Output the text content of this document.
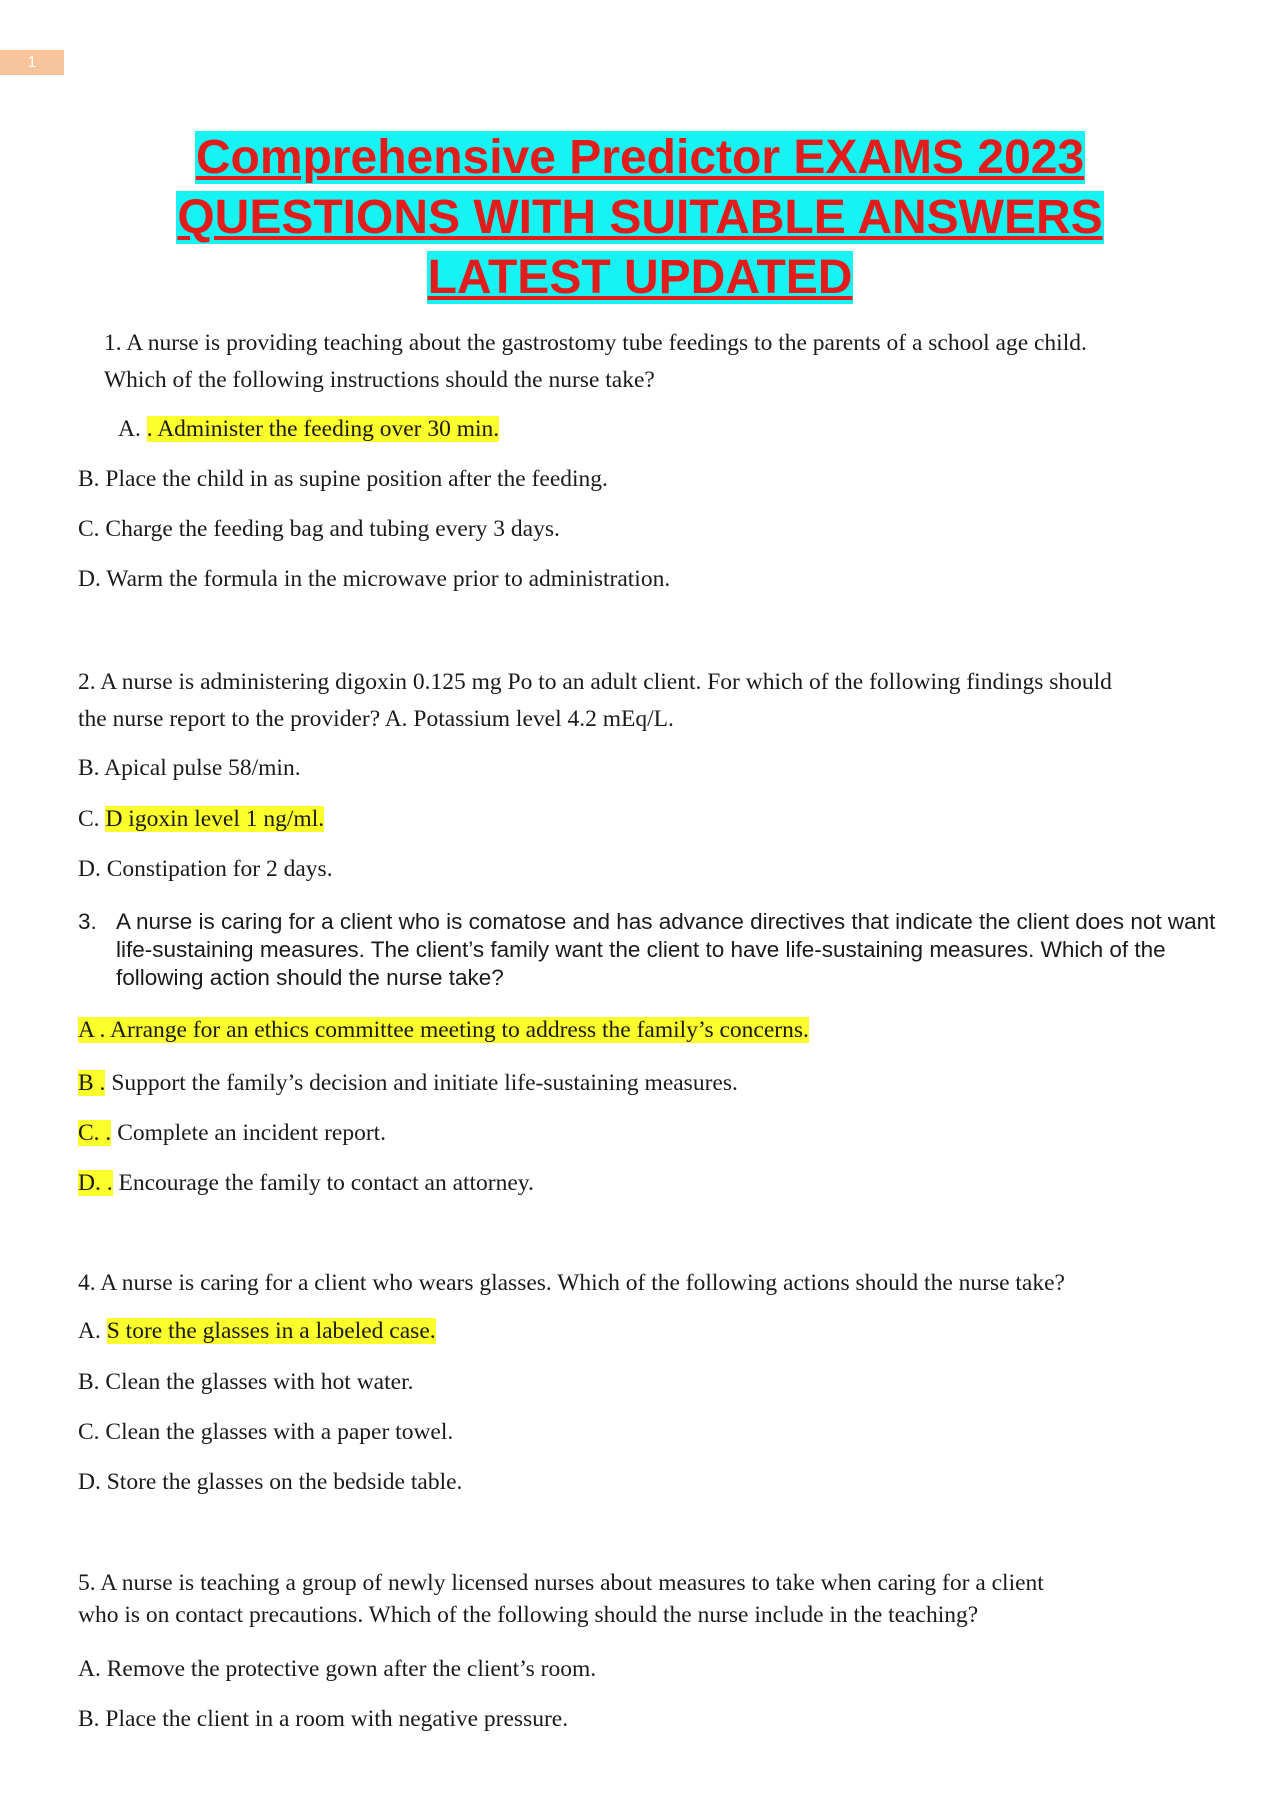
1
Comprehensive Predictor EXAMS 2023
QUESTIONS WITH SUITABLE ANSWERS
LATEST UPDATED
1. A nurse is providing teaching about the gastrostomy tube feedings to the parents of a school age child.
Which of the following instructions should the nurse take?
A. . Administer the feeding over 30 min.
B. Place the child in as supine position after the feeding.
C. Charge the feeding bag and tubing every 3 days.
D. Warm the formula in the microwave prior to administration.
2. A nurse is administering digoxin 0.125 mg Po to an adult client. For which of the following findings should
the nurse report to the provider? A. Potassium level 4.2 mEq/L.
B. Apical pulse 58/min.
C. D igoxin level 1 ng/ml.
D. Constipation for 2 days.
3. A nurse is caring for a client who is comatose and has advance directives that indicate the client does not want life-sustaining measures. The client’s family want the client to have life-sustaining measures. Which of the following action should the nurse take?
A . Arrange for an ethics committee meeting to address the family’s concerns.
B . Support the family’s decision and initiate life-sustaining measures.
C. . Complete an incident report.
D. . Encourage the family to contact an attorney.
4. A nurse is caring for a client who wears glasses. Which of the following actions should the nurse take?
A. S tore the glasses in a labeled case.
B. Clean the glasses with hot water.
C. Clean the glasses with a paper towel.
D. Store the glasses on the bedside table.
5. A nurse is teaching a group of newly licensed nurses about measures to take when caring for a client
who is on contact precautions. Which of the following should the nurse include in the teaching?
A. Remove the protective gown after the client’s room.
B. Place the client in a room with negative pressure.
